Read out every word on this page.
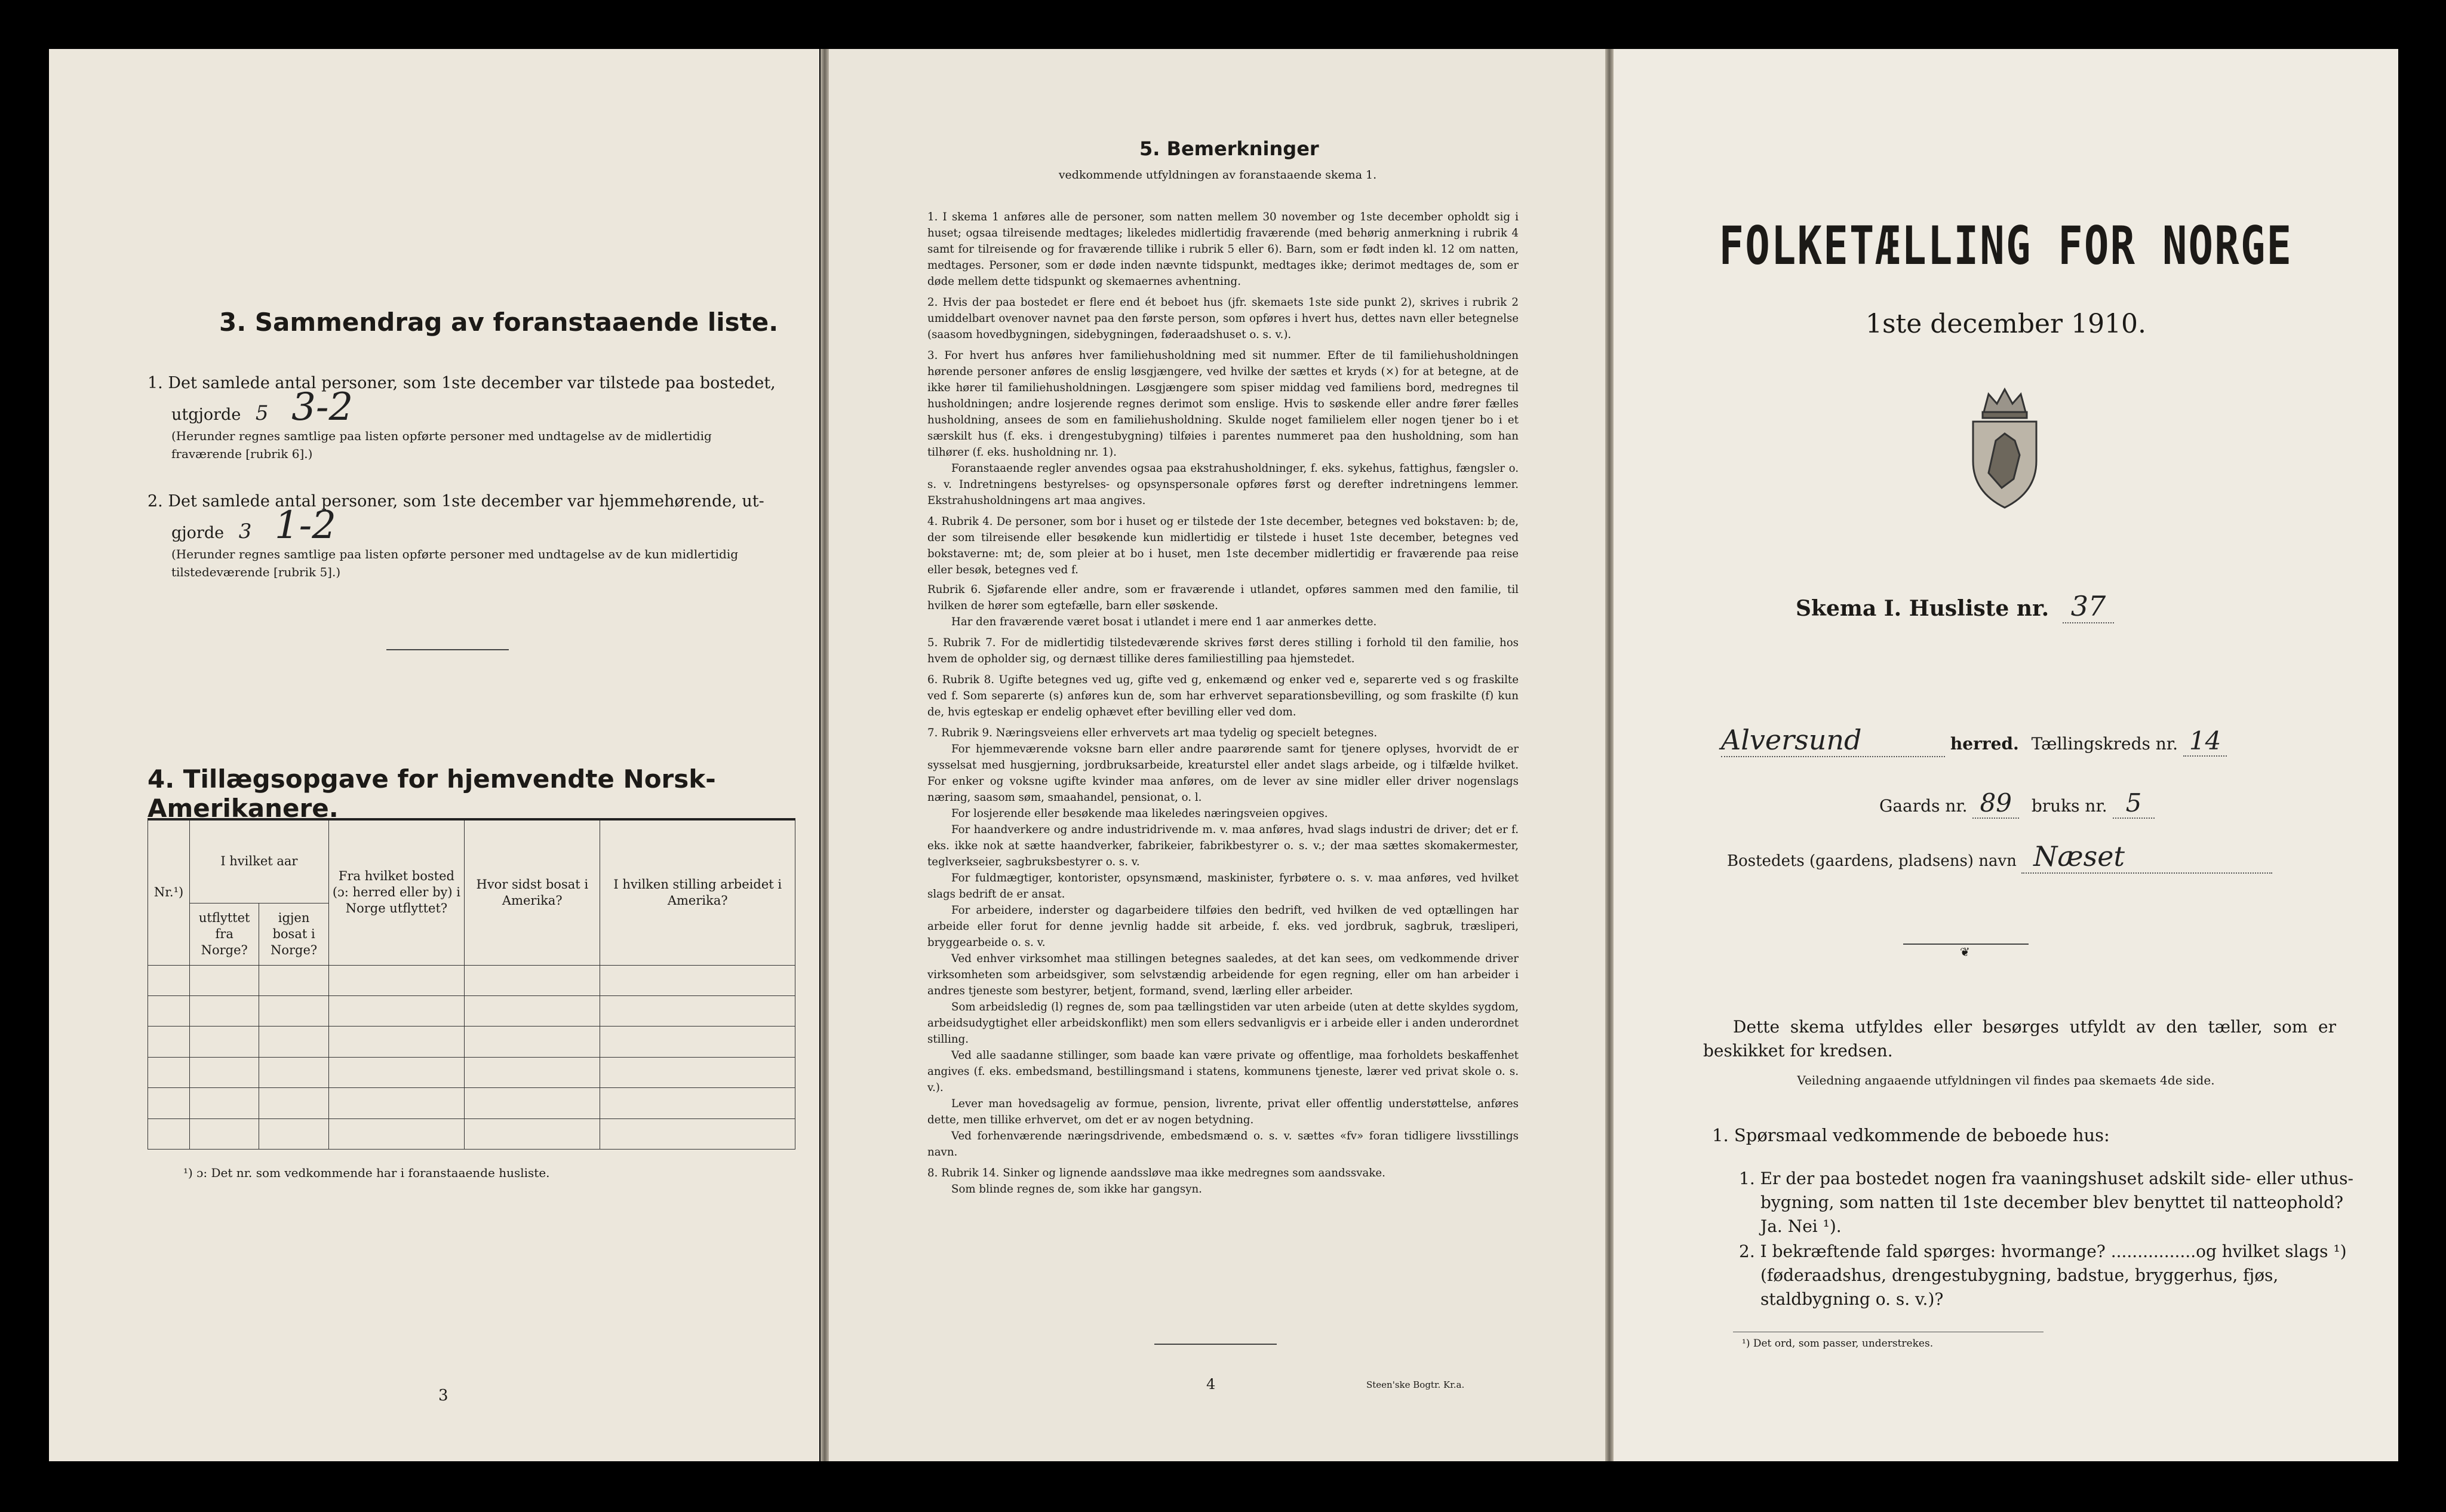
3. Sammendrag av foranstaaende liste.
1. Det samlede antal personer, som 1ste december var tilstede paa bostedet,
utgjorde 5 3-2
(Herunder regnes samtlige paa listen opførte personer med undtagelse av de midlertidig fraværende [rubrik 6].)
2. Det samlede antal personer, som 1ste december var hjemmehørende, ut-
gjorde 3 1-2
(Herunder regnes samtlige paa listen opførte personer med undtagelse av de kun midlertidig tilstedeværende [rubrik 5].)
4. Tillægsopgave for hjemvendte Norsk-Amerikanere.
Nr.¹)	I hvilket aar		Fra hvilket bosted (ɔ: herred eller by) i Norge utflyttet?	Hvor sidst bosat i Amerika?	I hvilken stilling arbeidet i Amerika?
	utflyttet fra Norge?	igjen bosat i Norge?			

¹) ɔ: Det nr. som vedkommende har i foranstaaende husliste.
3
5. Bemerkninger
vedkommende utfyldningen av foranstaaende skema 1.

1. I skema 1 anføres alle de personer, som natten mellem 30 november og 1ste december opholdt sig i huset; ogsaa tilreisende medtages; likeledes midlertidig fraværende (med behørig anmerkning i rubrik 4 samt for tilreisende og for fraværende tillike i rubrik 5 eller 6). Barn, som er født inden kl. 12 om natten, medtages. Personer, som er døde inden nævnte tidspunkt, medtages ikke; derimot medtages de, som er døde mellem dette tidspunkt og skemaernes avhentning.

2. Hvis der paa bostedet er flere end ét beboet hus (jfr. skemaets 1ste side punkt 2), skrives i rubrik 2 umiddelbart ovenover navnet paa den første person, som opføres i hvert hus, dettes navn eller betegnelse (saasom hovedbygningen, sidebygningen, føderaadshuset o. s. v.).

3. For hvert hus anføres hver familiehusholdning med sit nummer. Efter de til familiehusholdningen hørende personer anføres de enslig løsgjængere, ved hvilke der sættes et kryds (×) for at betegne, at de ikke hører til familiehusholdningen. Løsgjængere som spiser middag ved familiens bord, medregnes til husholdningen; andre losjerende regnes derimot som enslige. Hvis to søskende eller andre fører fælles husholdning, ansees de som en familiehusholdning. Skulde noget familielem eller nogen tjener bo i et særskilt hus (f. eks. i drengestubygning) tilføies i parentes nummeret paa den husholdning, som han tilhører (f. eks. husholdning nr. 1).

Foranstaaende regler anvendes ogsaa paa ekstrahusholdninger, f. eks. sykehus, fattighus, fængsler o. s. v. Indretningens bestyrelses- og opsynspersonale opføres først og derefter indretningens lemmer. Ekstrahusholdningens art maa angives.

4. Rubrik 4. De personer, som bor i huset og er tilstede der 1ste december, betegnes ved bokstaven: b; de, der som tilreisende eller besøkende kun midlertidig er tilstede i huset 1ste december, betegnes ved bokstaverne: mt; de, som pleier at bo i huset, men 1ste december midlertidig er fraværende paa reise eller besøk, betegnes ved f.

Rubrik 6. Sjøfarende eller andre, som er fraværende i utlandet, opføres sammen med den familie, til hvilken de hører som egtefælle, barn eller søskende.

Har den fraværende været bosat i utlandet i mere end 1 aar anmerkes dette.

5. Rubrik 7. For de midlertidig tilstedeværende skrives først deres stilling i forhold til den familie, hos hvem de opholder sig, og dernæst tillike deres familiestilling paa hjemstedet.

6. Rubrik 8. Ugifte betegnes ved ug, gifte ved g, enkemænd og enker ved e, separerte ved s og fraskilte ved f. Som separerte (s) anføres kun de, som har erhvervet separationsbevilling, og som fraskilte (f) kun de, hvis egteskap er endelig ophævet efter bevilling eller ved dom.

7. Rubrik 9. Næringsveiens eller erhvervets art maa tydelig og specielt betegnes.

For hjemmeværende voksne barn eller andre paarørende samt for tjenere oplyses, hvorvidt de er sysselsat med husgjerning, jordbruksarbeide, kreaturstel eller andet slags arbeide, og i tilfælde hvilket. For enker og voksne ugifte kvinder maa anføres, om de lever av sine midler eller driver nogenslags næring, saasom søm, smaahandel, pensionat, o. l.

For losjerende eller besøkende maa likeledes næringsveien opgives.

For haandverkere og andre industridrivende m. v. maa anføres, hvad slags industri de driver; det er f. eks. ikke nok at sætte haandverker, fabrikeier, fabrikbestyrer o. s. v.; der maa sættes skomakermester, teglverkseier, sagbruksbestyrer o. s. v.

For fuldmægtiger, kontorister, opsynsmænd, maskinister, fyrbøtere o. s. v. maa anføres, ved hvilket slags bedrift de er ansat.

For arbeidere, inderster og dagarbeidere tilføies den bedrift, ved hvilken de ved optællingen har arbeide eller forut for denne jevnlig hadde sit arbeide, f. eks. ved jordbruk, sagbruk, træsliperi, bryggearbeide o. s. v.

Ved enhver virksomhet maa stillingen betegnes saaledes, at det kan sees, om vedkommende driver virksomheten som arbeidsgiver, som selvstændig arbeidende for egen regning, eller om han arbeider i andres tjeneste som bestyrer, betjent, formand, svend, lærling eller arbeider.

Som arbeidsledig (l) regnes de, som paa tællingstiden var uten arbeide (uten at dette skyldes sygdom, arbeidsudygtighet eller arbeidskonflikt) men som ellers sedvanligvis er i arbeide eller i anden underordnet stilling.

Ved alle saadanne stillinger, som baade kan være private og offentlige, maa forholdets beskaffenhet angives (f. eks. embedsmand, bestillingsmand i statens, kommunens tjeneste, lærer ved privat skole o. s. v.).

Lever man hovedsagelig av formue, pension, livrente, privat eller offentlig understøttelse, anføres dette, men tillike erhvervet, om det er av nogen betydning.

Ved forhenværende næringsdrivende, embedsmænd o. s. v. sættes «fv» foran tidligere livsstillings navn.

8. Rubrik 14. Sinker og lignende aandssløve maa ikke medregnes som aandssvake.

Som blinde regnes de, som ikke har gangsyn.

4	Steen'ske Bogtr. Kr.a.
FOLKETÆLLING FOR NORGE
1ste december 1910.
Skema I. Husliste nr. 37
Alversund	herred. Tællingskreds nr. 14
Gaards nr. 89 bruks nr. 5
Bostedets (gaardens, pladsens) navn Næset
❦
Dette skema utfyldes eller besørges utfyldt av den tæller, som er beskikket for kredsen.
Veiledning angaaende utfyldningen vil findes paa skemaets 4de side.
1. Spørsmaal vedkommende de beboede hus:
1. Er der paa bostedet nogen fra vaaningshuset adskilt side- eller uthus-bygning, som natten til 1ste december blev benyttet til natteophold? Ja. Nei ¹).
2. I bekræftende fald spørges: hvormange? ................og hvilket slags ¹) (føderaadshus, drengestubygning, badstue, bryggerhus, fjøs, staldbygning o. s. v.)?
¹) Det ord, som passer, understrekes.
